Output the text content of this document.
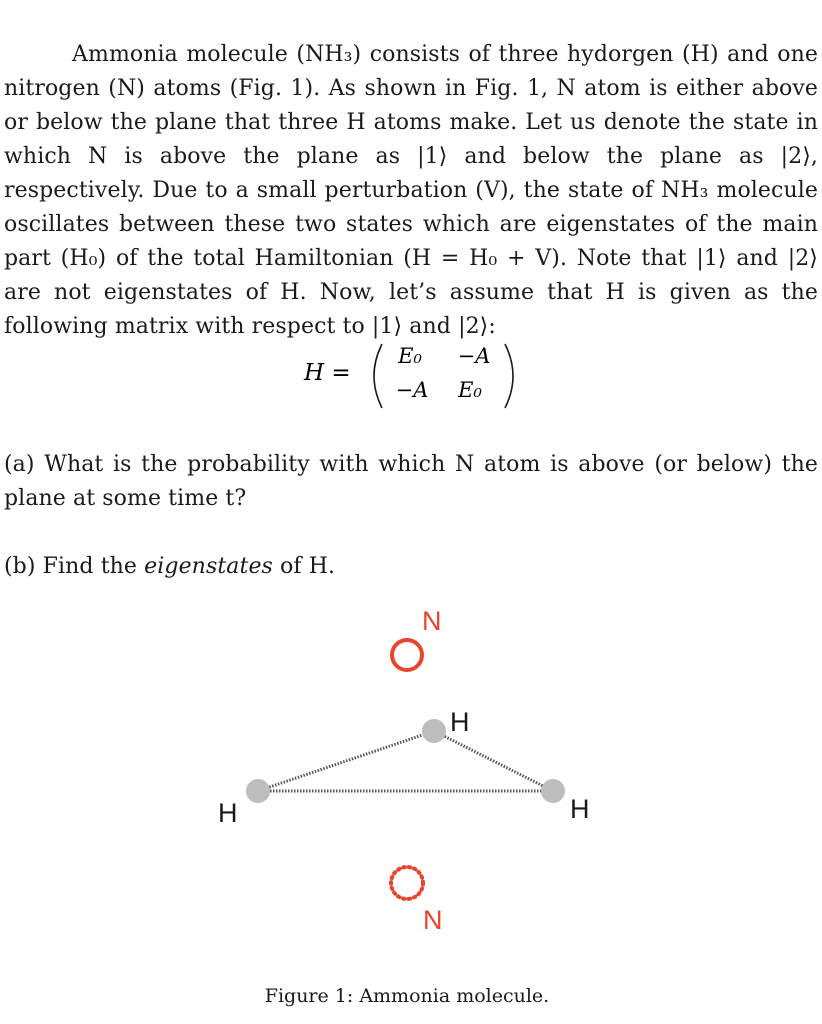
Ammonia molecule (NH₃) consists of three hydorgen (H) and one nitrogen (N) atoms (Fig. 1). As shown in Fig. 1, N atom is either above or below the plane that three H atoms make. Let us denote the state in which N is above the plane as |1⟩ and below the plane as |2⟩, respectively. Due to a small perturbation (V), the state of NH₃ molecule oscillates between these two states which are eigenstates of the main part (H₀) of the total Hamiltonian (H = H₀ + V). Note that |1⟩ and |2⟩ are not eigenstates of H. Now, let’s assume that H is given as the following matrix with respect to |1⟩ and |2⟩:

H =
E₀ −A
−A E₀

(a) What is the probability with which N atom is above (or below) the plane at some time t?

(b) Find the eigenstates of H.

N
N
H
H	H
Figure 1: Ammonia molecule.
